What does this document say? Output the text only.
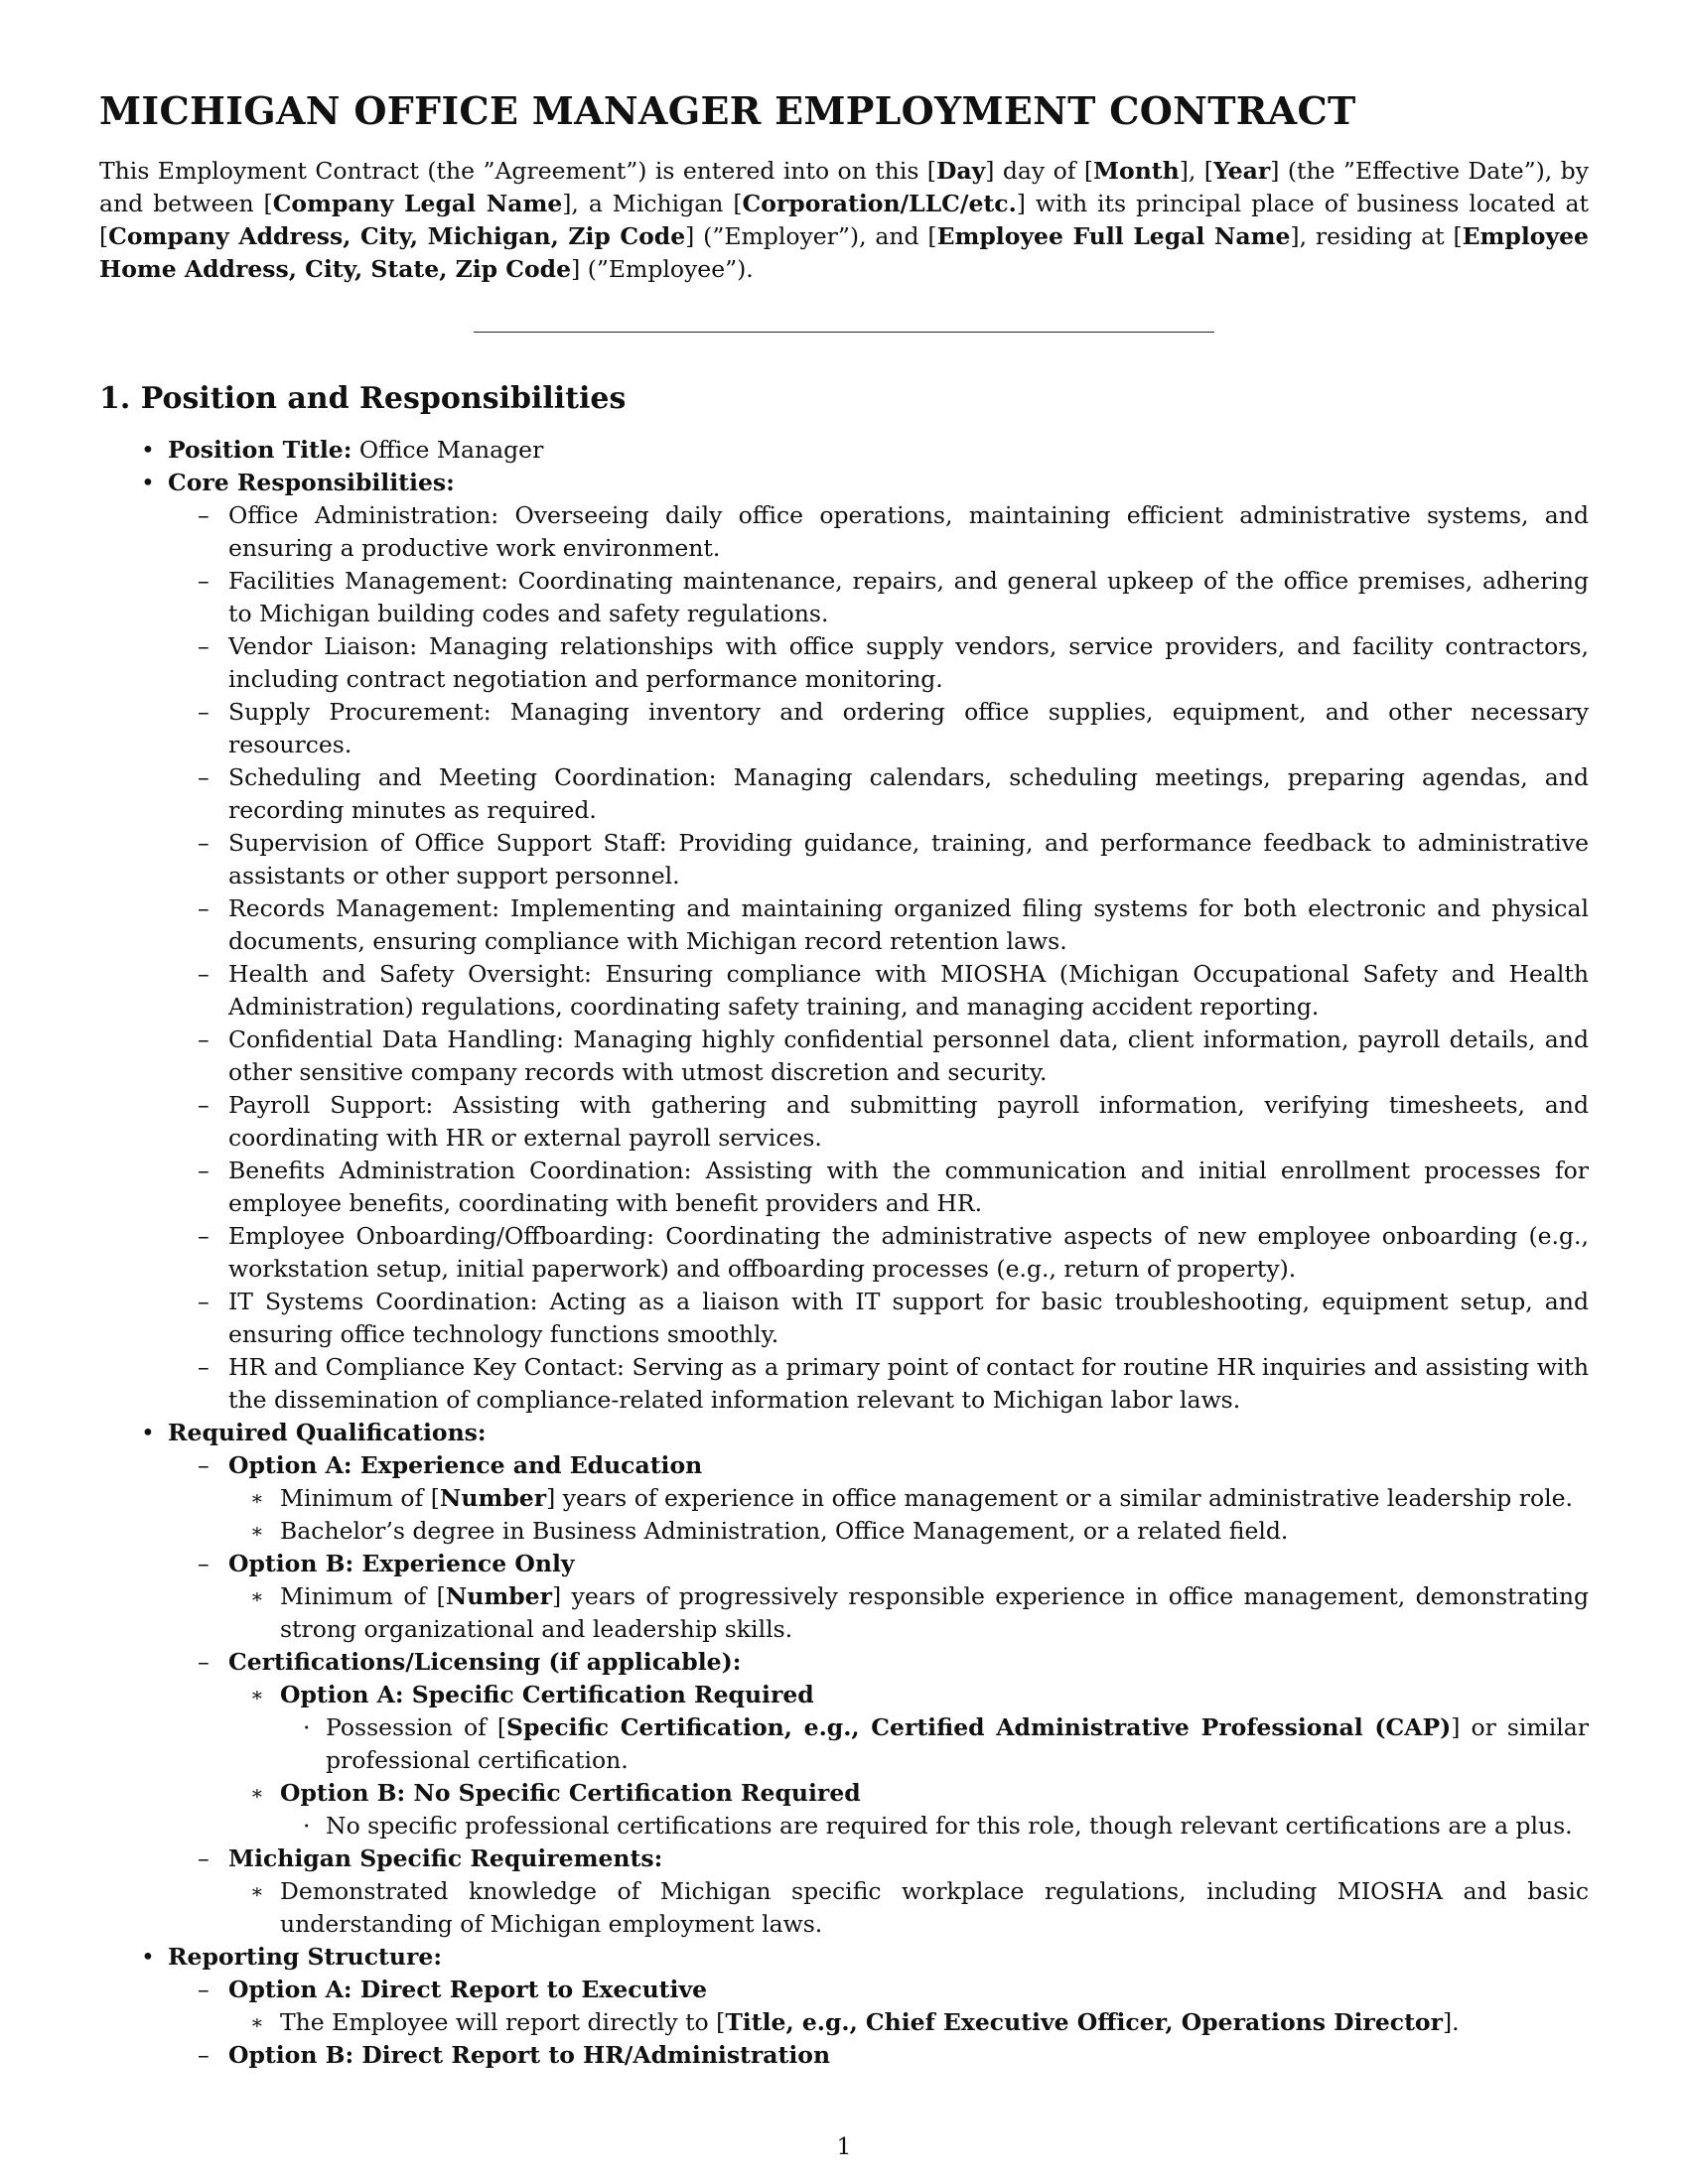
MICHIGAN OFFICE MANAGER EMPLOYMENT CONTRACT

This Employment Contract (the ”Agreement”) is entered into on this [Day] day of [Month], [Year] (the ”Effective Date”), by and between [Company Legal Name], a Michigan [Corporation/LLC/etc.] with its principal place of business located at [Company Address, City, Michigan, Zip Code] (”Employer”), and [Employee Full Legal Name], residing at [Employee Home Address, City, State, Zip Code] (”Employee”).

1. Position and Responsibilities
• Position Title: Office Manager
• Core Responsibilities:
– Office Administration: Overseeing daily office operations, maintaining efficient administrative systems, and ensuring a productive work environment.
– Facilities Management: Coordinating maintenance, repairs, and general upkeep of the office premises, adhering to Michigan building codes and safety regulations.
– Vendor Liaison: Managing relationships with office supply vendors, service providers, and facility contractors, including contract negotiation and performance monitoring.
– Supply Procurement: Managing inventory and ordering office supplies, equipment, and other necessary resources.
– Scheduling and Meeting Coordination: Managing calendars, scheduling meetings, preparing agendas, and recording minutes as required.
– Supervision of Office Support Staff: Providing guidance, training, and performance feedback to administrative assistants or other support personnel.
– Records Management: Implementing and maintaining organized filing systems for both electronic and physical documents, ensuring compliance with Michigan record retention laws.
– Health and Safety Oversight: Ensuring compliance with MIOSHA (Michigan Occupational Safety and Health Administration) regulations, coordinating safety training, and managing accident reporting.
– Confidential Data Handling: Managing highly confidential personnel data, client information, payroll details, and other sensitive company records with utmost discretion and security.
– Payroll Support: Assisting with gathering and submitting payroll information, verifying timesheets, and coordinating with HR or external payroll services.
– Benefits Administration Coordination: Assisting with the communication and initial enrollment processes for employee benefits, coordinating with benefit providers and HR.
– Employee Onboarding/Offboarding: Coordinating the administrative aspects of new employee onboarding (e.g., workstation setup, initial paperwork) and offboarding processes (e.g., return of property).
– IT Systems Coordination: Acting as a liaison with IT support for basic troubleshooting, equipment setup, and ensuring office technology functions smoothly.
– HR and Compliance Key Contact: Serving as a primary point of contact for routine HR inquiries and assisting with the dissemination of compliance-related information relevant to Michigan labor laws.
• Required Qualifications:
– Option A: Experience and Education
∗ Minimum of [Number] years of experience in office management or a similar administrative leadership role.
∗ Bachelor’s degree in Business Administration, Office Management, or a related field.
– Option B: Experience Only
∗ Minimum of [Number] years of progressively responsible experience in office management, demonstrating strong organizational and leadership skills.
– Certifications/Licensing (if applicable):
∗ Option A: Specific Certification Required
· Possession of [Specific Certification, e.g., Certified Administrative Professional (CAP)] or similar professional certification.
∗ Option B: No Specific Certification Required
· No specific professional certifications are required for this role, though relevant certifications are a plus.
– Michigan Specific Requirements:
∗ Demonstrated knowledge of Michigan specific workplace regulations, including MIOSHA and basic understanding of Michigan employment laws.
• Reporting Structure:
– Option A: Direct Report to Executive
∗ The Employee will report directly to [Title, e.g., Chief Executive Officer, Operations Director].
– Option B: Direct Report to HR/Administration
1
